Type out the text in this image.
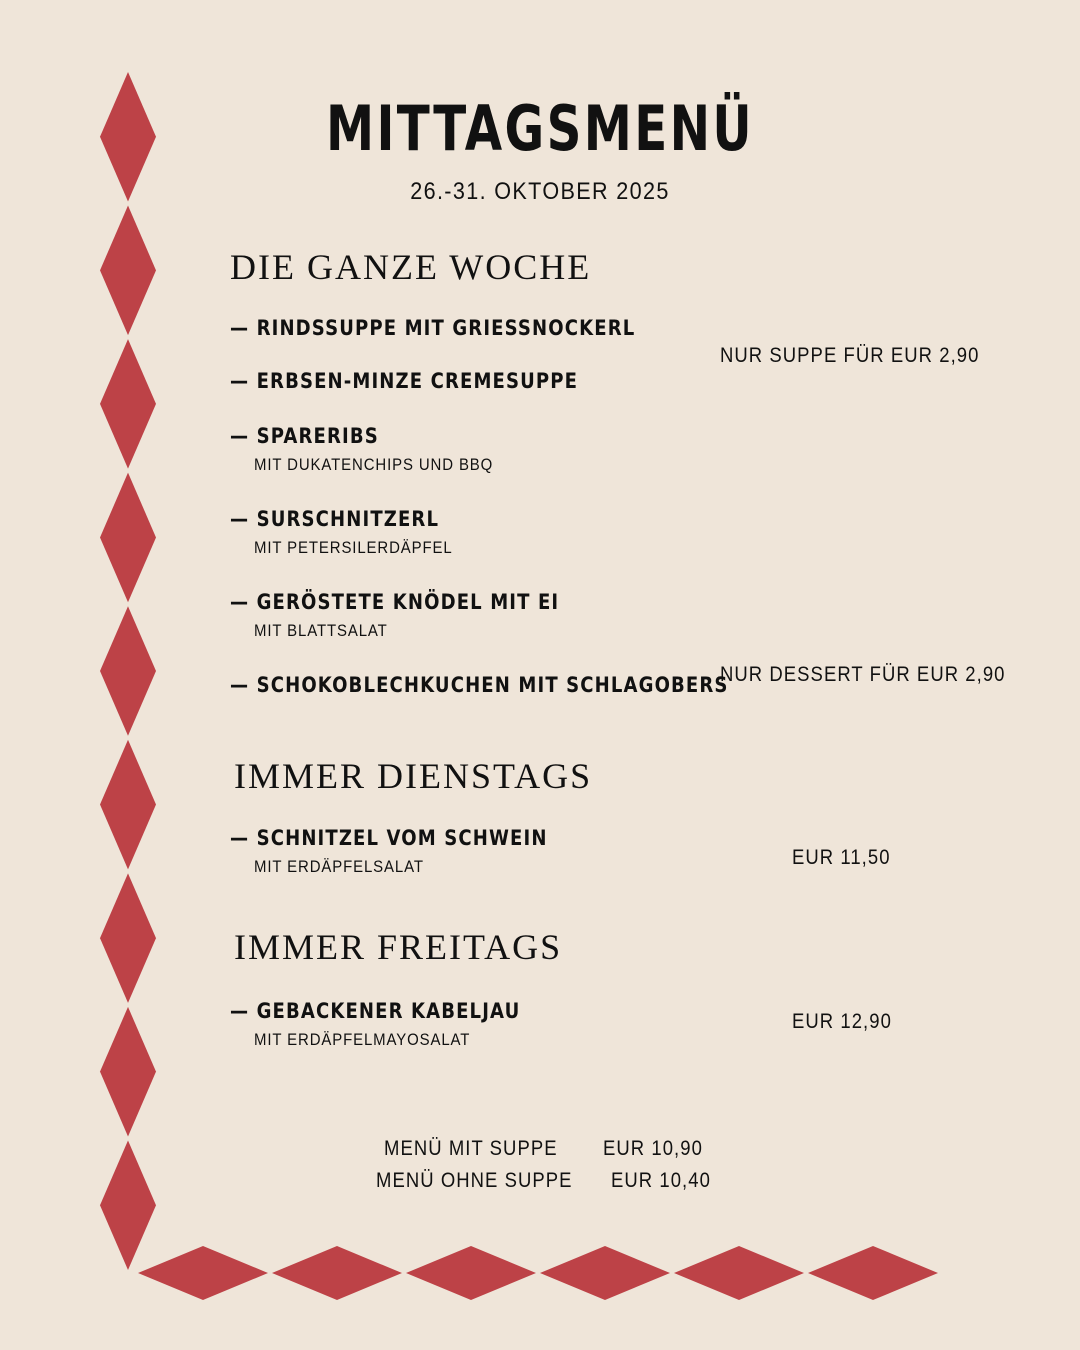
MITTAGSMENÜ
26.-31. OKTOBER 2025
DIE GANZE WOCHE
— RINDSSUPPE MIT GRIESSNOCKERL
— ERBSEN-MINZE CREMESUPPE
— SPARERIBS
MIT DUKATENCHIPS UND BBQ
— SURSCHNITZERL
MIT PETERSILERDÄPFEL
— GERÖSTETE KNÖDEL MIT EI
MIT BLATTSALAT
— SCHOKOBLECHKUCHEN MIT SCHLAGOBERS
NUR SUPPE FÜR EUR 2,90
NUR DESSERT FÜR EUR 2,90
IMMER DIENSTAGS
— SCHNITZEL VOM SCHWEIN
MIT ERDÄPFELSALAT	EUR 11,50
IMMER FREITAGS
— GEBACKENER KABELJAU
MIT ERDÄPFELMAYOSALAT
EUR 12,90
MENÜ MIT SUPPE EUR 10,90
MENÜ OHNE SUPPE EUR 10,40
